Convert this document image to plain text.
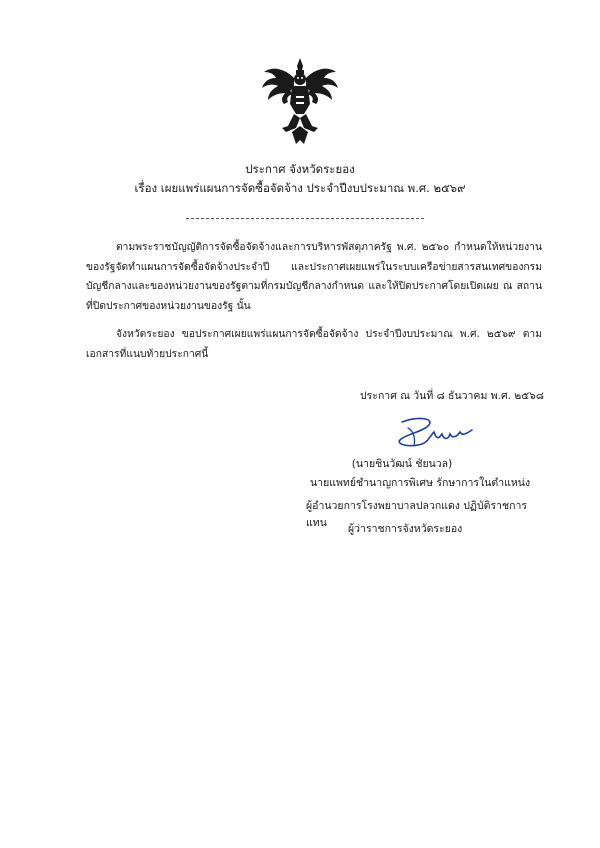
ประกาศ จังหวัดระยอง
เรื่อง เผยแพร่แผนการจัดซื้อจัดจ้าง ประจำปีงบประมาณ พ.ศ. ๒๕๖๙
ตามพระราชบัญญัติการจัดซื้อจัดจ้างและการบริหารพัสดุภาครัฐ พ.ศ. ๒๕๖๐ กำหนดให้หน่วยงานของรัฐจัดทำแผนการจัดซื้อจัดจ้างประจำปี และประกาศเผยแพร่ในระบบเครือข่ายสารสนเทศของกรมบัญชีกลางและของหน่วยงานของรัฐตามที่กรมบัญชีกลางกำหนด และให้ปิดประกาศโดยเปิดเผย ณ สถานที่ปิดประกาศของหน่วยงานของรัฐ นั้น
จังหวัดระยอง ขอประกาศเผยแพร่แผนการจัดซื้อจัดจ้าง ประจำปีงบประมาณ พ.ศ. ๒๕๖๙ ตามเอกสารที่แนบท้ายประกาศนี้
ประกาศ ณ วันที่ ๘ ธันวาคม พ.ศ. ๒๕๖๘
(นายชินวัฒน์ ชัยนวล)
นายแพทย์ชำนาญการพิเศษ รักษาการในตำแหน่ง
ผู้อำนวยการโรงพยาบาลปลวกแดง ปฏิบัติราชการแทน	ผู้ว่าราชการจังหวัดระยอง
